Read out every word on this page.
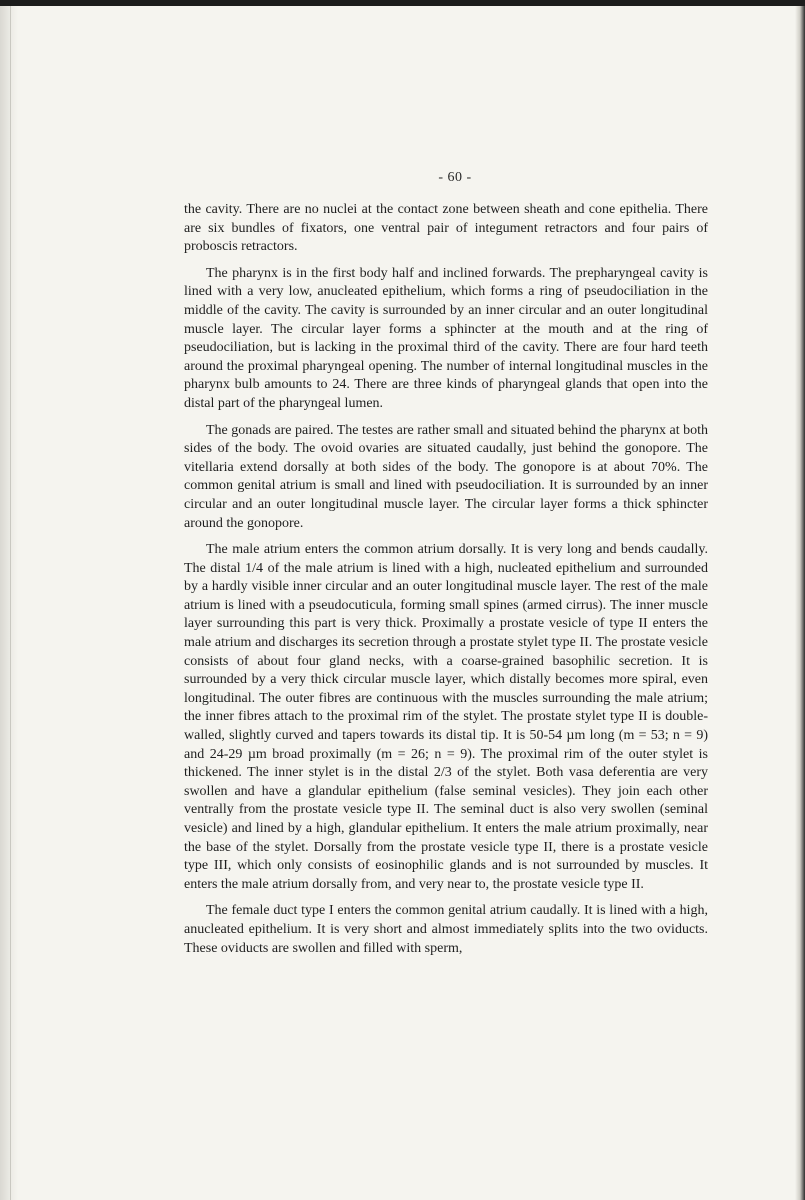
- 60 -

the cavity. There are no nuclei at the contact zone between sheath and cone epithelia. There are six bundles of fixators, one ventral pair of integument retractors and four pairs of proboscis retractors.

The pharynx is in the first body half and inclined forwards. The prepharyngeal cavity is lined with a very low, anucleated epithelium, which forms a ring of pseudociliation in the middle of the cavity. The cavity is surrounded by an inner circular and an outer longitudinal muscle layer. The circular layer forms a sphincter at the mouth and at the ring of pseudociliation, but is lacking in the proximal third of the cavity. There are four hard teeth around the proximal pharyngeal opening. The number of internal longitudinal muscles in the pharynx bulb amounts to 24. There are three kinds of pharyngeal glands that open into the distal part of the pharyngeal lumen.

The gonads are paired. The testes are rather small and situated behind the pharynx at both sides of the body. The ovoid ovaries are situated caudally, just behind the gonopore. The vitellaria extend dorsally at both sides of the body. The gonopore is at about 70%. The common genital atrium is small and lined with pseudociliation. It is surrounded by an inner circular and an outer longitudinal muscle layer. The circular layer forms a thick sphincter around the gonopore.

The male atrium enters the common atrium dorsally. It is very long and bends caudally. The distal 1/4 of the male atrium is lined with a high, nucleated epithelium and surrounded by a hardly visible inner circular and an outer longitudinal muscle layer. The rest of the male atrium is lined with a pseudocuticula, forming small spines (armed cirrus). The inner muscle layer surrounding this part is very thick. Proximally a prostate vesicle of type II enters the male atrium and discharges its secretion through a prostate stylet type II. The prostate vesicle consists of about four gland necks, with a coarse-grained basophilic secretion. It is surrounded by a very thick circular muscle layer, which distally becomes more spiral, even longitudinal. The outer fibres are continuous with the muscles surrounding the male atrium; the inner fibres attach to the proximal rim of the stylet. The prostate stylet type II is double-walled, slightly curved and tapers towards its distal tip. It is 50-54 µm long (m = 53; n = 9) and 24-29 µm broad proximally (m = 26; n = 9). The proximal rim of the outer stylet is thickened. The inner stylet is in the distal 2/3 of the stylet. Both vasa deferentia are very swollen and have a glandular epithelium (false seminal vesicles). They join each other ventrally from the prostate vesicle type II. The seminal duct is also very swollen (seminal vesicle) and lined by a high, glandular epithelium. It enters the male atrium proximally, near the base of the stylet. Dorsally from the prostate vesicle type II, there is a prostate vesicle type III, which only consists of eosinophilic glands and is not surrounded by muscles. It enters the male atrium dorsally from, and very near to, the prostate vesicle type II.

The female duct type I enters the common genital atrium caudally. It is lined with a high, anucleated epithelium. It is very short and almost immediately splits into the two oviducts. These oviducts are swollen and filled with sperm,
